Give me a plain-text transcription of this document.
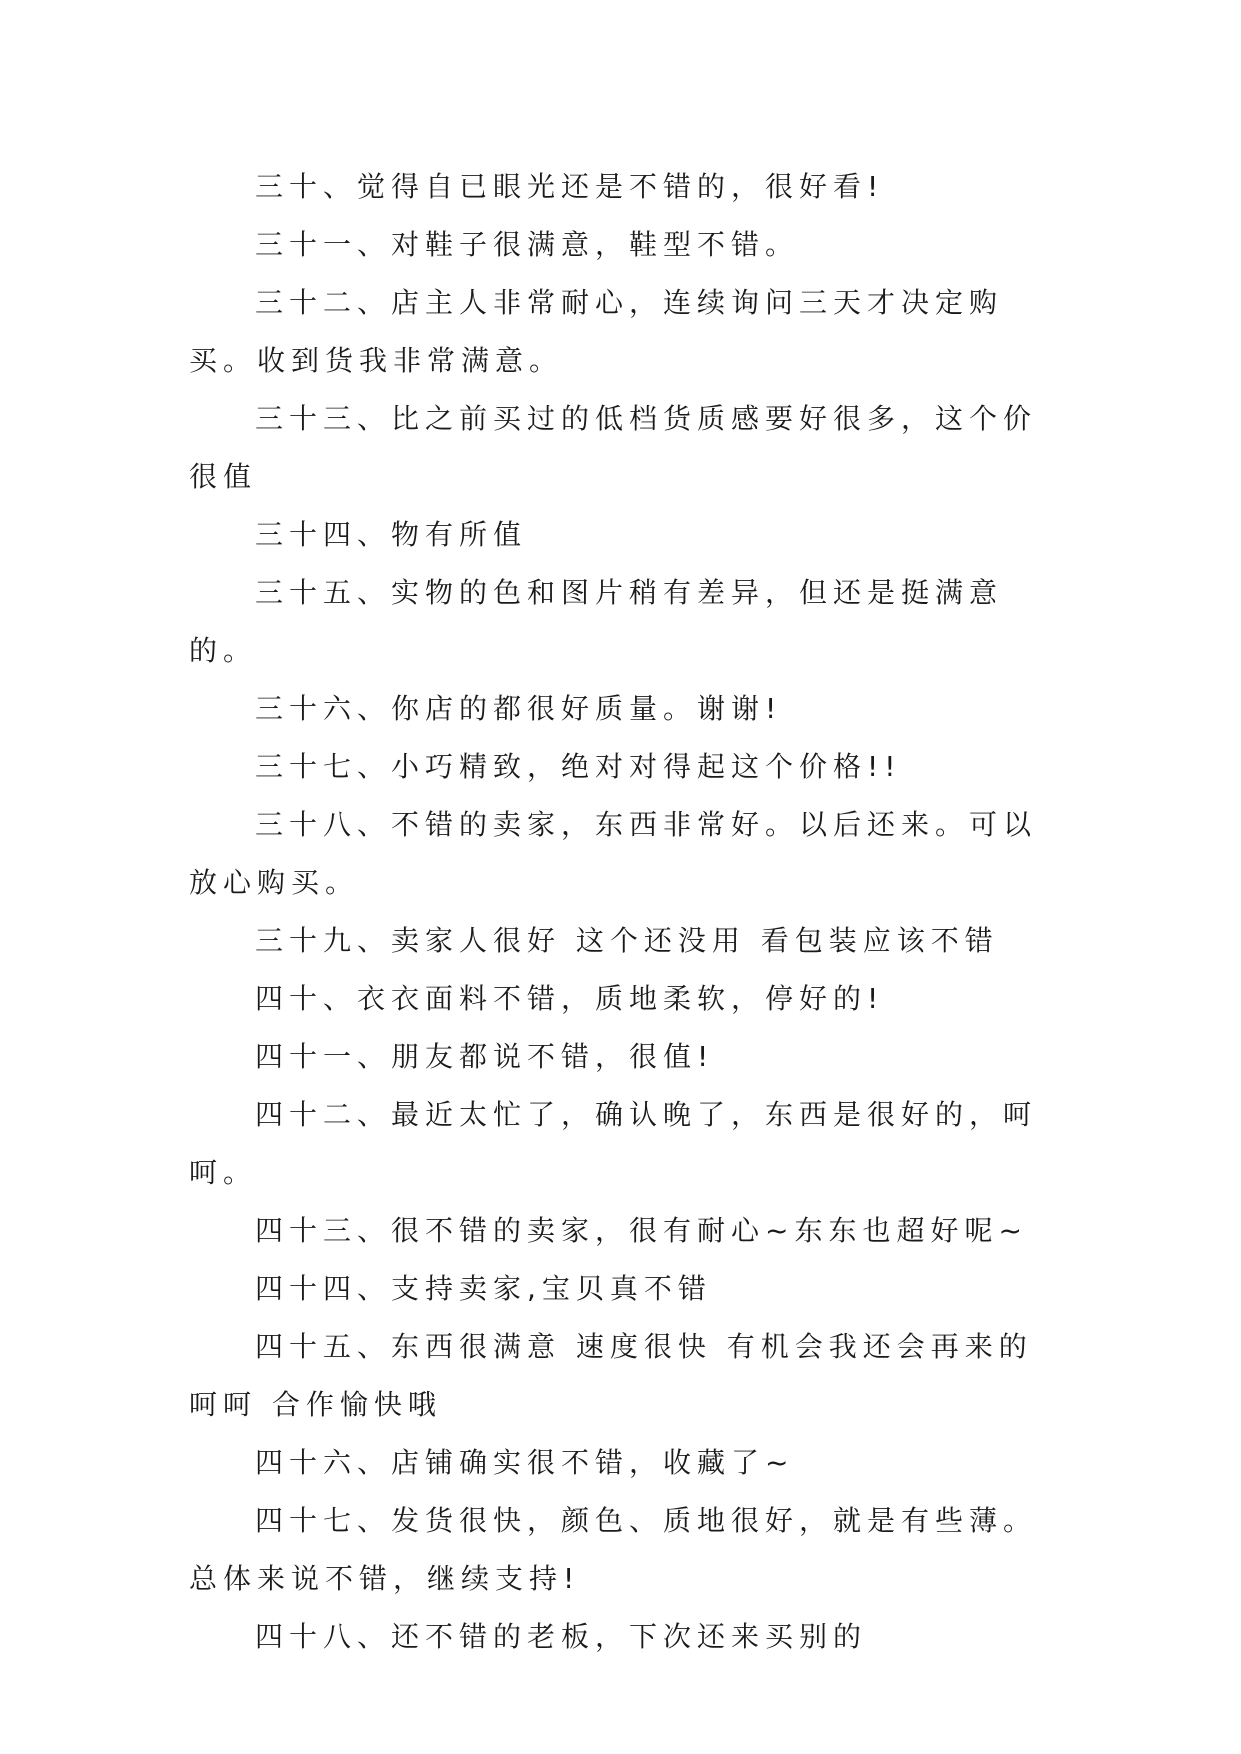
三十、觉得自已眼光还是不错的，很好看!

三十一、对鞋子很满意，鞋型不错。

三十二、店主人非常耐心，连续询问三天才决定购买。收到货我非常满意。

三十三、比之前买过的低档货质感要好很多，这个价很值

三十四、物有所值

三十五、实物的色和图片稍有差异，但还是挺满意的。

三十六、你店的都很好质量。谢谢!

三十七、小巧精致，绝对对得起这个价格!!

三十八、不错的卖家，东西非常好。以后还来。可以放心购买。

三十九、卖家人很好 这个还没用 看包装应该不错

四十、衣衣面料不错，质地柔软，停好的!

四十一、朋友都说不错，很值!

四十二、最近太忙了，确认晚了，东西是很好的，呵呵。

四十三、很不错的卖家，很有耐心~东东也超好呢~

四十四、支持卖家,宝贝真不错

四十五、东西很满意 速度很快 有机会我还会再来的 呵呵 合作愉快哦

四十六、店铺确实很不错，收藏了~

四十七、发货很快，颜色、质地很好，就是有些薄。总体来说不错，继续支持!

四十八、还不错的老板，下次还来买别的
